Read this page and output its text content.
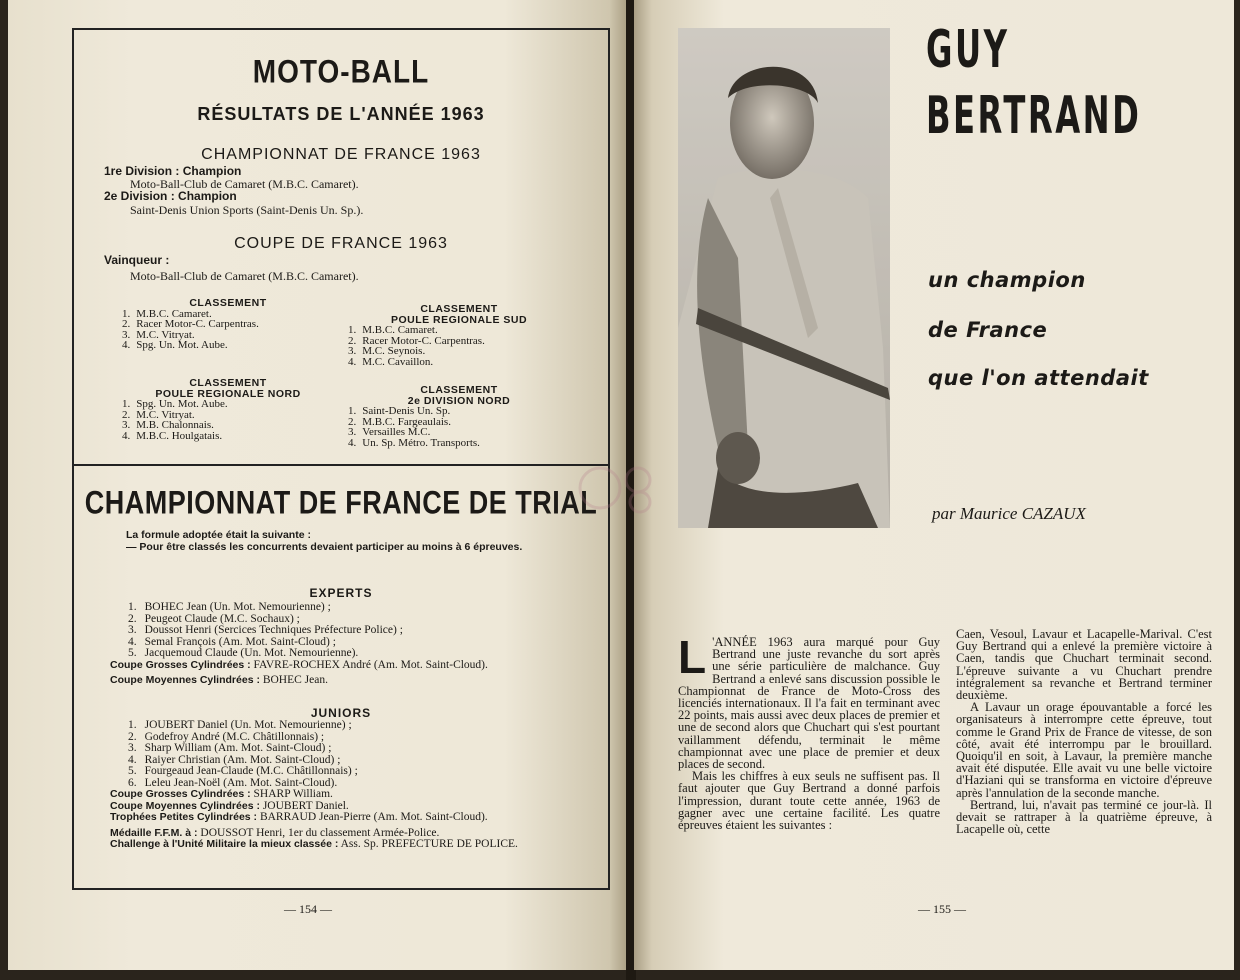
MOTO-BALL
RÉSULTATS DE L'ANNÉE 1963
CHAMPIONNAT DE FRANCE 1963
1re Division : Champion
Moto-Ball-Club de Camaret (M.B.C. Camaret).
2e Division : Champion
Saint-Denis Union Sports (Saint-Denis Un. Sp.).
COUPE DE FRANCE 1963
Vainqueur :
Moto-Ball-Club de Camaret (M.B.C. Camaret).
CLASSEMENT
1. M.B.C. Camaret.
2. Racer Motor-C. Carpentras.
3. M.C. Vitryat.
4. Spg. Un. Mot. Aube.
CLASSEMENT
POULE REGIONALE SUD
1. M.B.C. Camaret.
2. Racer Motor-C. Carpentras.
3. M.C. Seynois.
4. M.C. Cavaillon.
CLASSEMENT
POULE REGIONALE NORD
1. Spg. Un. Mot. Aube.
2. M.C. Vitryat.
3. M.B. Chalonnais.
4. M.B.C. Houlgatais.
CLASSEMENT
2e DIVISION NORD
1. Saint-Denis Un. Sp.
2. M.B.C. Fargeaulais.
3. Versailles M.C.
4. Un. Sp. Métro. Transports.
CHAMPIONNAT DE FRANCE DE TRIAL
La formule adoptée était la suivante :
— Pour être classés les concurrents devaient participer au moins à 6 épreuves.
EXPERTS
1. BOHEC Jean (Un. Mot. Nemourienne) ;
2. Peugeot Claude (M.C. Sochaux) ;
3. Doussot Henri (Sercices Techniques Préfecture Police) ;
4. Semal François (Am. Mot. Saint-Cloud) ;
5. Jacquemoud Claude (Un. Mot. Nemourienne).
Coupe Grosses Cylindrées : FAVRE-ROCHEX André (Am. Mot. Saint-Cloud).
Coupe Moyennes Cylindrées : BOHEC Jean.
JUNIORS
1. JOUBERT Daniel (Un. Mot. Nemourienne) ;
2. Godefroy André (M.C. Châtillonnais) ;
3. Sharp William (Am. Mot. Saint-Cloud) ;
4. Raiyer Christian (Am. Mot. Saint-Cloud) ;
5. Fourgeaud Jean-Claude (M.C. Châtillonnais) ;
6. Leleu Jean-Noël (Am. Mot. Saint-Cloud).
Coupe Grosses Cylindrées : SHARP William.
Coupe Moyennes Cylindrées : JOUBERT Daniel.
Trophées Petites Cylindrées : BARRAUD Jean-Pierre (Am. Mot. Saint-Cloud).
Médaille F.F.M. à : DOUSSOT Henri, 1er du classement Armée-Police.
Challenge à l'Unité Militaire la mieux classée : Ass. Sp. PREFECTURE DE POLICE.
— 154 —
GUY
BERTRAND
un champion
de France
que l'on attendait
par Maurice CAZAUX
L 'ANNÉE 1963 aura marqué pour Guy Bertrand une juste revanche du sort après une série particulière de malchance. Guy Bertrand a enlevé sans discussion possible le Championnat de France de Moto-Cross des licenciés internationaux. Il l'a fait en terminant avec 22 points, mais aussi avec deux places de premier et une de second alors que Chuchart qui s'est pourtant vaillamment défendu, terminait le même championnat avec une place de premier et deux places de second.

Mais les chiffres à eux seuls ne suffisent pas. Il faut ajouter que Guy Bertrand a donné parfois l'impression, durant toute cette année, 1963 de gagner avec une certaine facilité. Les quatre épreuves étaient les suivantes :

Caen, Vesoul, Lavaur et Lacapelle-Marival. C'est Guy Bertrand qui a enlevé la première victoire à Caen, tandis que Chuchart terminait second. L'épreuve suivante a vu Chuchart prendre intégralement sa revanche et Bertrand terminer deuxième.

A Lavaur un orage épouvantable a forcé les organisateurs à interrompre cette épreuve, tout comme le Grand Prix de France de vitesse, de son côté, avait été interrompu par le brouillard. Quoiqu'il en soit, à Lavaur, la première manche avait été disputée. Elle avait vu une belle victoire d'Haziani qui se transforma en victoire d'épreuve après l'annulation de la seconde manche.

Bertrand, lui, n'avait pas terminé ce jour-là. Il devait se rattraper à la quatrième épreuve, à Lacapelle où, cette

— 155 —
